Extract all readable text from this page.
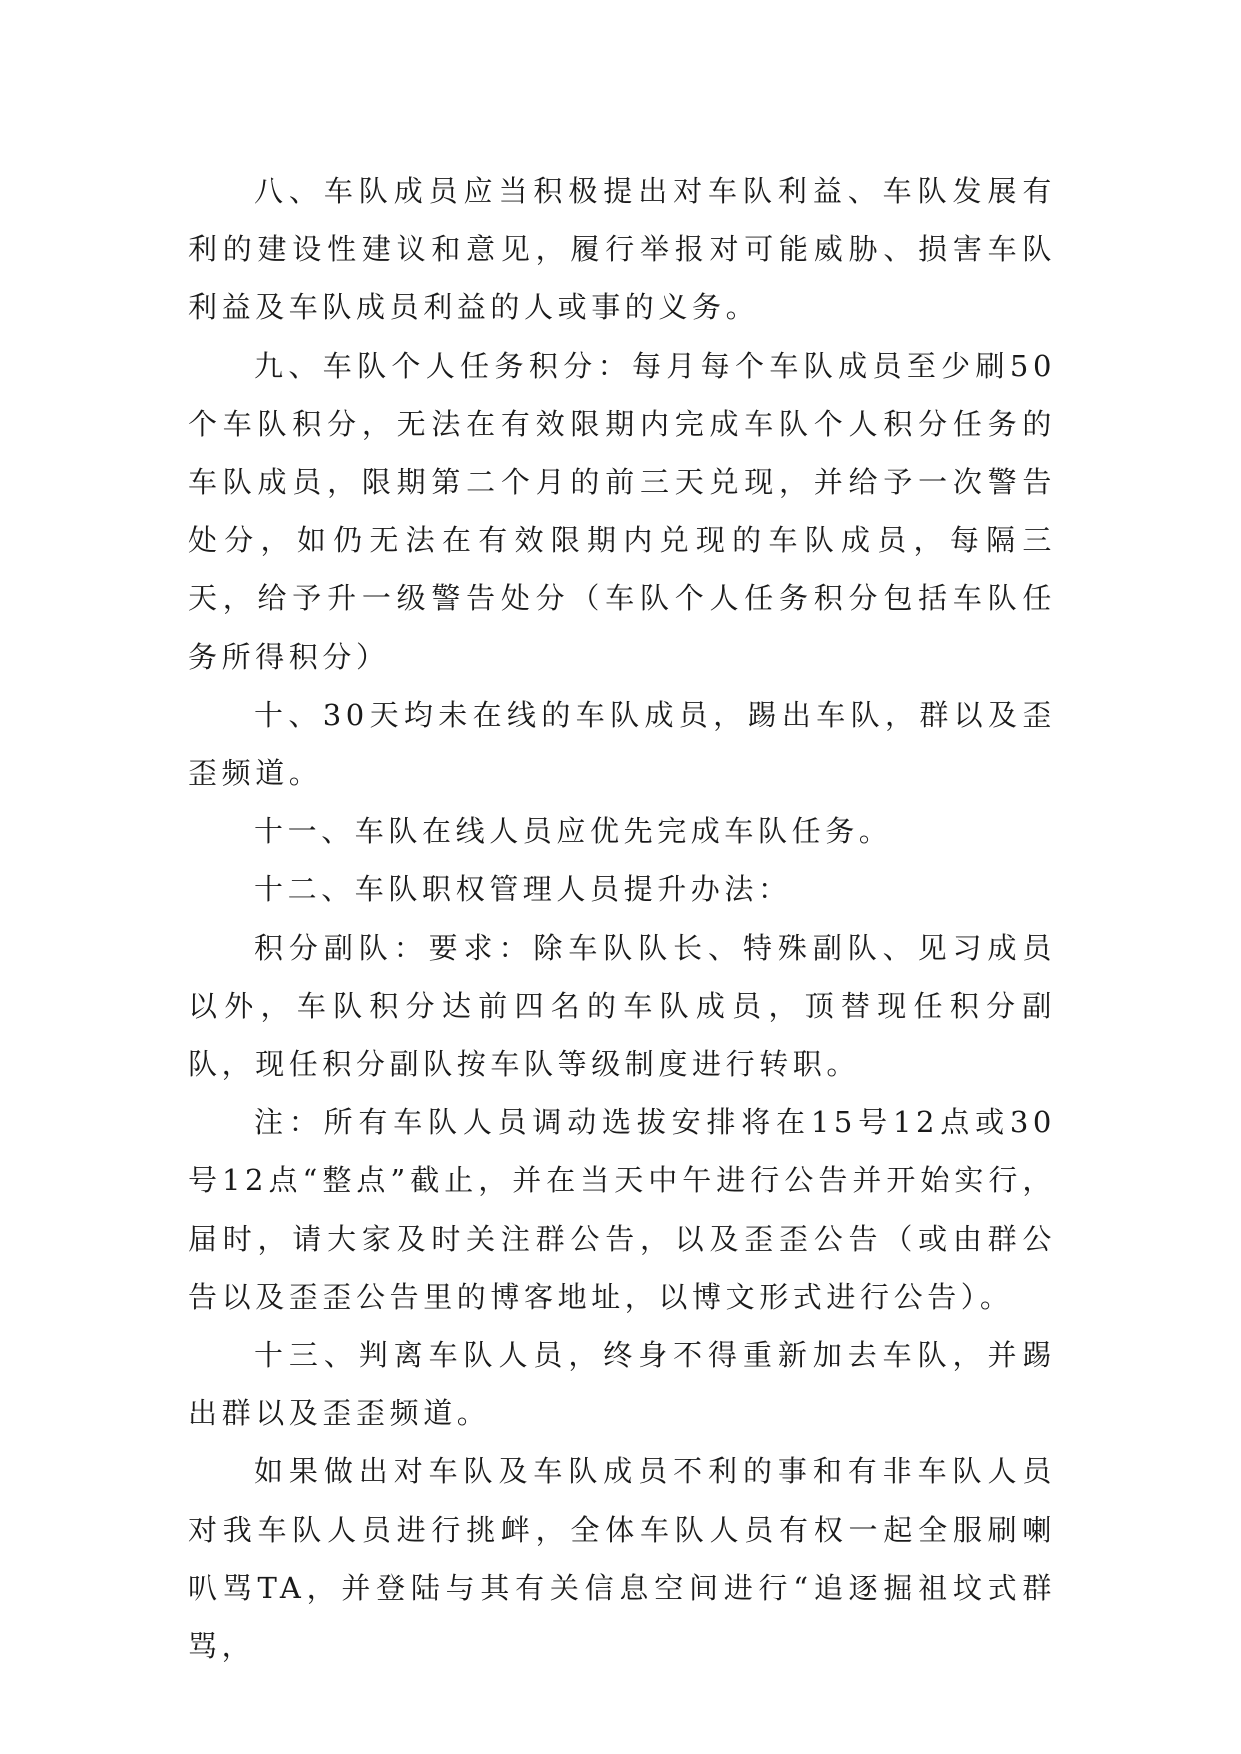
八、车队成员应当积极提出对车队利益、车队发展有利的建设性建议和意见，履行举报对可能威胁、损害车队利益及车队成员利益的人或事的义务。

九、车队个人任务积分：每月每个车队成员至少刷50个车队积分，无法在有效限期内完成车队个人积分任务的车队成员，限期第二个月的前三天兑现，并给予一次警告处分，如仍无法在有效限期内兑现的车队成员，每隔三天，给予升一级警告处分（车队个人任务积分包括车队任务所得积分）

十、30天均未在线的车队成员，踢出车队，群以及歪歪频道。

十一、车队在线人员应优先完成车队任务。

十二、车队职权管理人员提升办法：

积分副队：要求：除车队队长、特殊副队、见习成员以外，车队积分达前四名的车队成员，顶替现任积分副队，现任积分副队按车队等级制度进行转职。

注：所有车队人员调动选拔安排将在15号12点或30号12点“整点”截止，并在当天中午进行公告并开始实行，届时，请大家及时关注群公告，以及歪歪公告（或由群公告以及歪歪公告里的博客地址，以博文形式进行公告）。

十三、判离车队人员，终身不得重新加去车队，并踢出群以及歪歪频道。

如果做出对车队及车队成员不利的事和有非车队人员对我车队人员进行挑衅，全体车队人员有权一起全服刷喇叭骂TA，并登陆与其有关信息空间进行“追逐掘祖坟式群骂，
